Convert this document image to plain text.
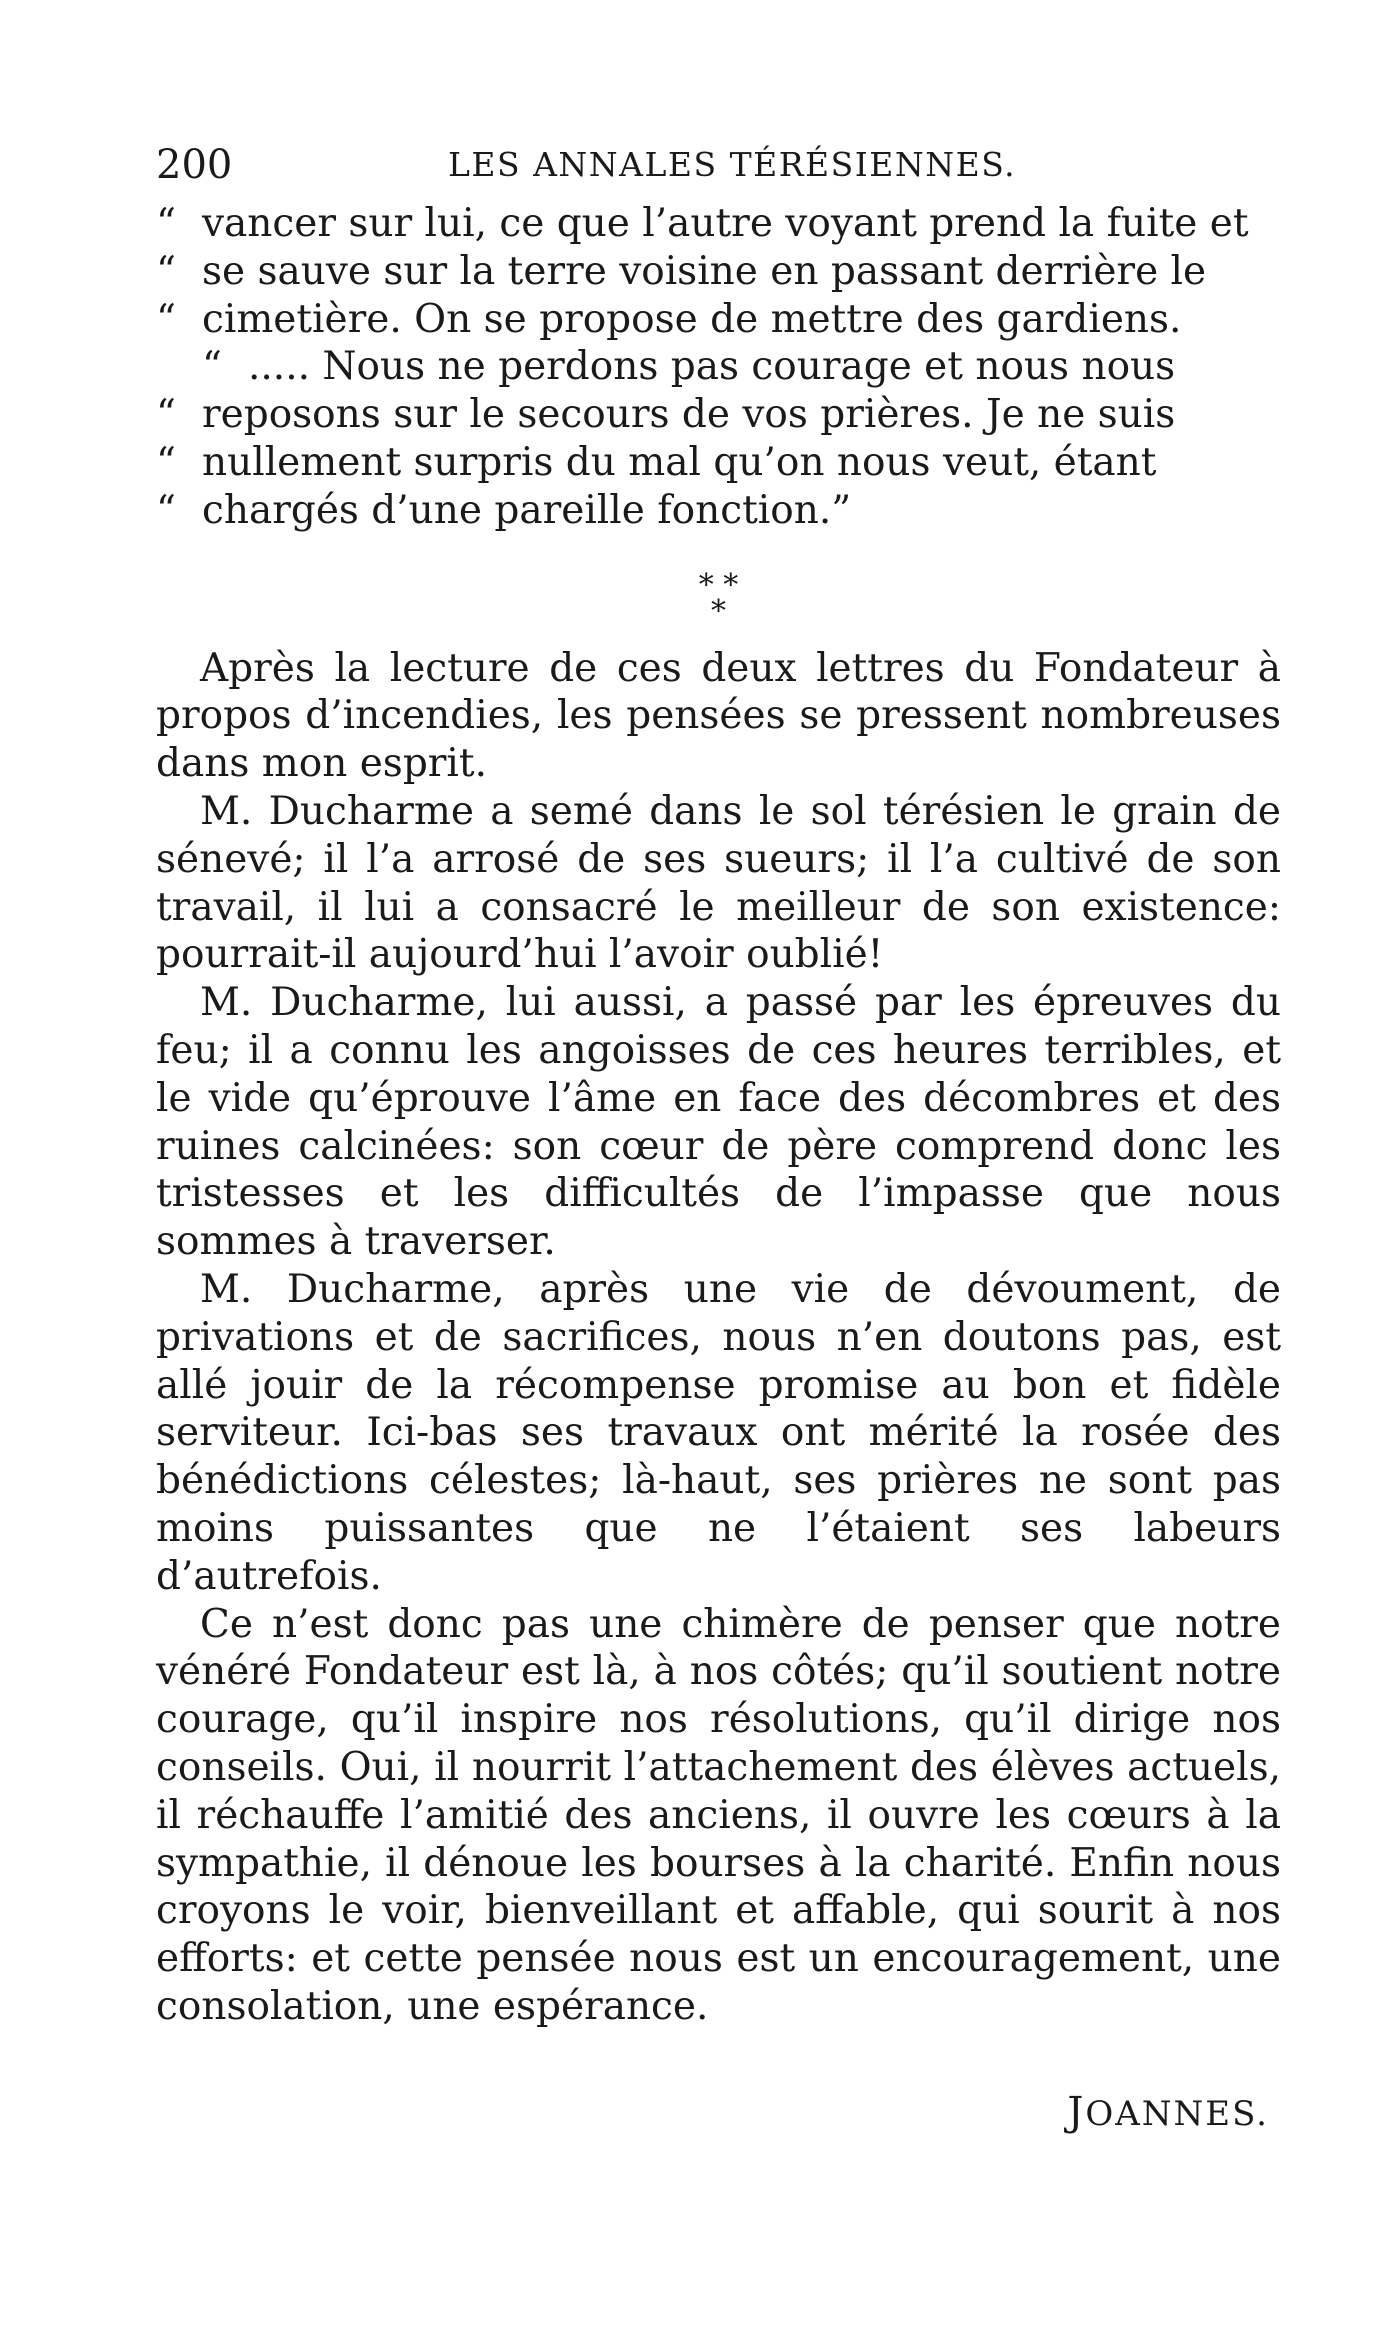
200	LES ANNALES TÉRÉSIENNES.
“ vancer sur lui, ce que l’autre voyant prend la fuite et
“ se sauve sur la terre voisine en passant derrière le
“ cimetière. On se propose de mettre des gardiens.
“ ..... Nous ne perdons pas courage et nous nous
“ reposons sur le secours de vos prières. Je ne suis
“ nullement surpris du mal qu’on nous veut, étant
“ chargés d’une pareille fonction.”
* *
*

Après la lecture de ces deux lettres du Fondateur à propos d’incendies, les pensées se pressent nombreuses dans mon esprit.

M. Ducharme a semé dans le sol térésien le grain de sénevé; il l’a arrosé de ses sueurs; il l’a cultivé de son travail, il lui a consacré le meilleur de son existence: pourrait-il aujourd’hui l’avoir oublié!

M. Ducharme, lui aussi, a passé par les épreuves du feu; il a connu les angoisses de ces heures terribles, et le vide qu’éprouve l’âme en face des décombres et des ruines calcinées: son cœur de père comprend donc les tristesses et les difficultés de l’impasse que nous sommes à traverser.

M. Ducharme, après une vie de dévoument, de privations et de sacrifices, nous n’en doutons pas, est allé jouir de la récompense promise au bon et fidèle serviteur. Ici-bas ses travaux ont mérité la rosée des bénédictions célestes; là-haut, ses prières ne sont pas moins puissantes que ne l’étaient ses labeurs d’autrefois.

Ce n’est donc pas une chimère de penser que notre vénéré Fondateur est là, à nos côtés; qu’il soutient notre courage, qu’il inspire nos résolutions, qu’il dirige nos conseils. Oui, il nourrit l’attachement des élèves actuels, il réchauffe l’amitié des anciens, il ouvre les cœurs à la sympathie, il dénoue les bourses à la charité. Enfin nous croyons le voir, bienveillant et affable, qui sourit à nos efforts: et cette pensée nous est un encouragement, une consolation, une espérance.

JOANNES.
